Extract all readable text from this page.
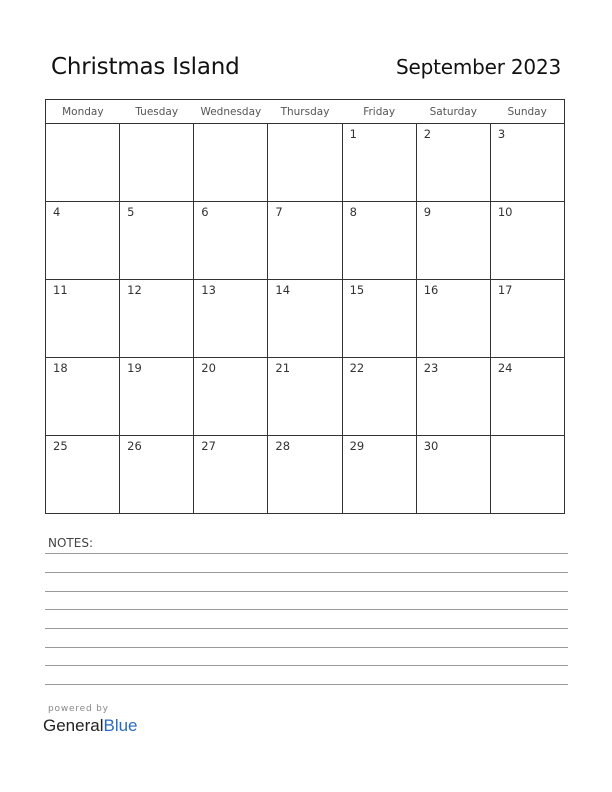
Christmas Island	September 2023
Monday	Tuesday	Wednesday	Thursday	Friday	Saturday	Sunday

				1	2	3

4	5	6	7	8	9	10

11	12	13	14	15	16	17

18	19	20	21	22	23	24

25	26	27	28	29	30	

NOTES:
powered by
GeneralBlue
